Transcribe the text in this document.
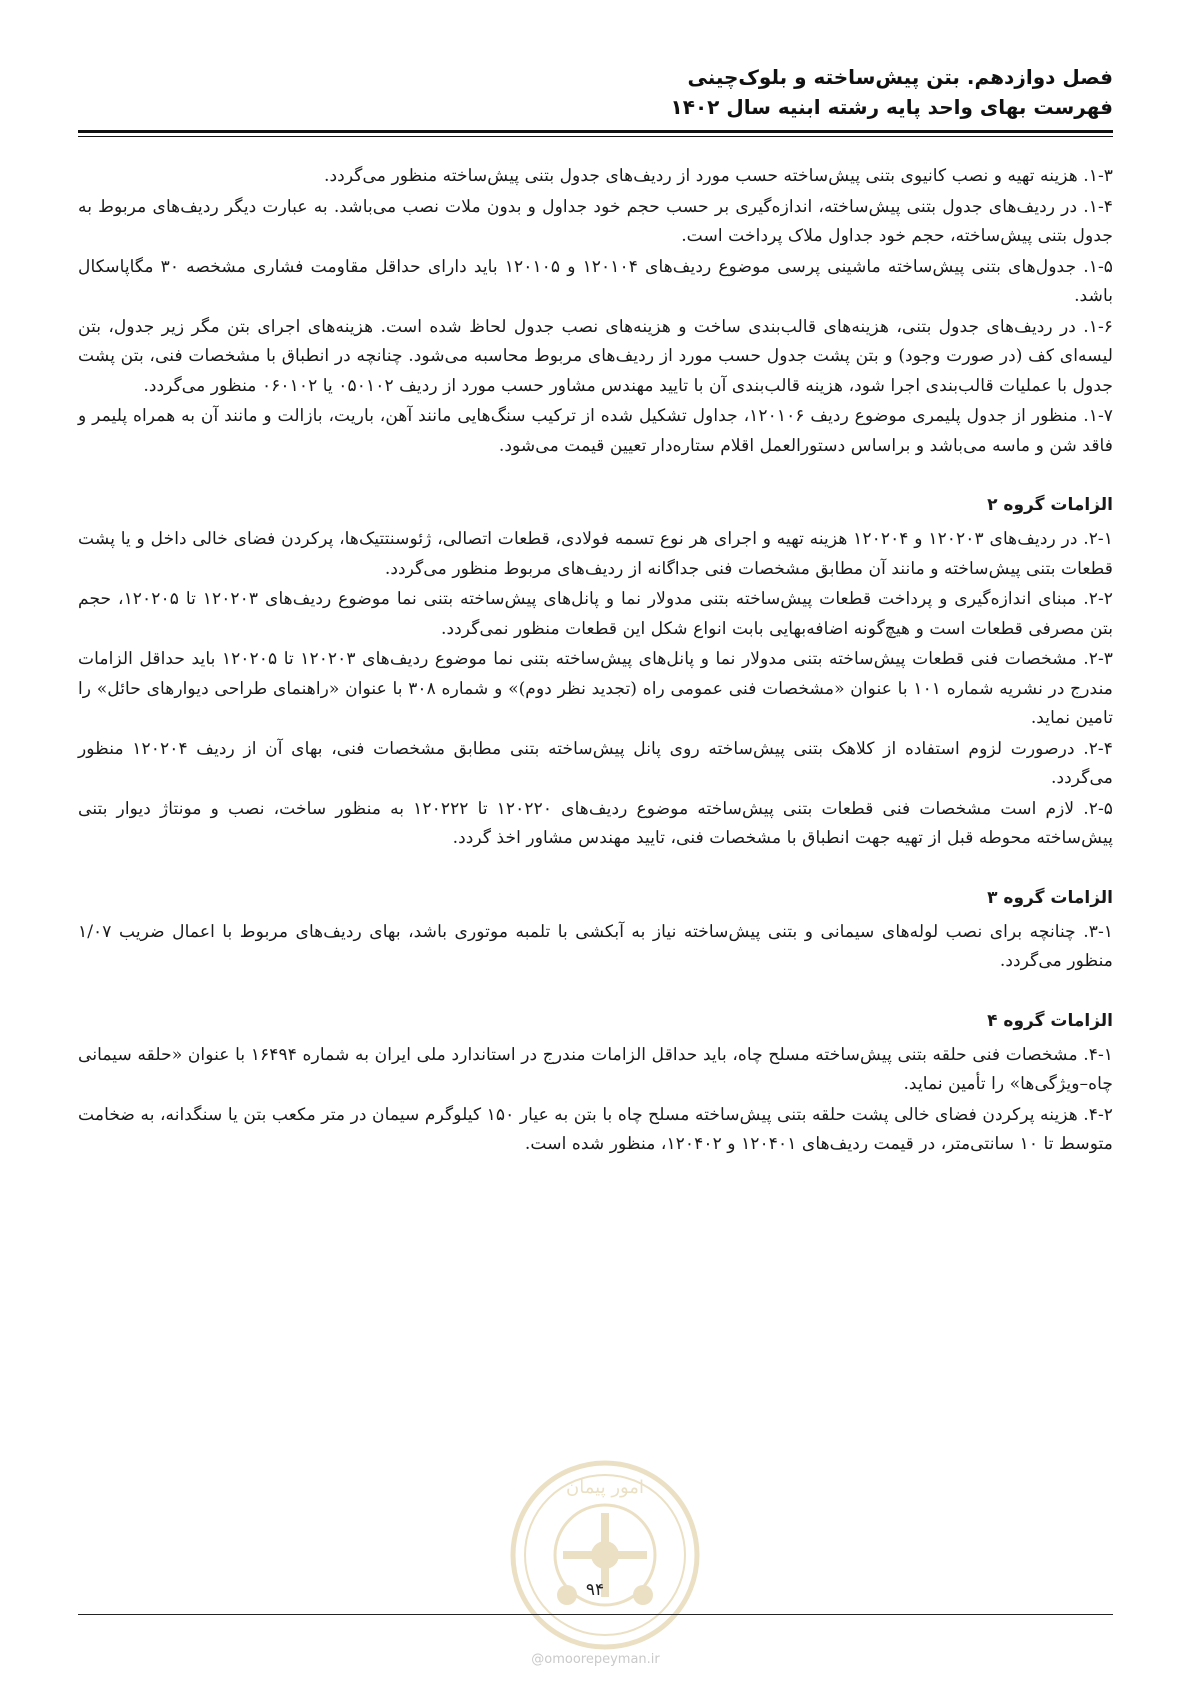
فصل دوازدهم. بتن پیش‌ساخته و بلوک‌چینی
فهرست بهای واحد پایه رشته ابنیه سال ۱۴۰۲

۱-۳. هزینه تهیه و نصب کانیوی بتنی پیش‌ساخته حسب مورد از ردیف‌های جدول بتنی پیش‌ساخته منظور می‌گردد.

۱-۴. در ردیف‌های جدول بتنی پیش‌ساخته، اندازه‌گیری بر حسب حجم خود جداول و بدون ملات نصب می‌باشد. به عبارت دیگر ردیف‌های مربوط به جدول بتنی پیش‌ساخته، حجم خود جداول ملاک پرداخت است.

۱-۵. جدول‌های بتنی پیش‌ساخته ماشینی پرسی موضوع ردیف‌های ۱۲۰۱۰۴ و ۱۲۰۱۰۵ باید دارای حداقل مقاومت فشاری مشخصه ۳۰ مگاپاسکال باشد.

۱-۶. در ردیف‌های جدول بتنی، هزینه‌های قالب‌بندی ساخت و هزینه‌های نصب جدول لحاظ شده است. هزینه‌های اجرای بتن مگر زیر جدول، بتن لیسه‌ای کف (در صورت وجود) و بتن پشت جدول حسب مورد از ردیف‌های مربوط محاسبه می‌شود. چنانچه در انطباق با مشخصات فنی، بتن پشت جدول با عملیات قالب‌بندی اجرا شود، هزینه قالب‌بندی آن با تایید مهندس مشاور حسب مورد از ردیف ۰۵۰۱۰۲ یا ۰۶۰۱۰۲ منظور می‌گردد.

۱-۷. منظور از جدول پلیمری موضوع ردیف ۱۲۰۱۰۶، جداول تشکیل شده از ترکیب سنگ‌هایی مانند آهن، باریت، بازالت و مانند آن به همراه پلیمر و فاقد شن و ماسه می‌باشد و براساس دستورالعمل اقلام ستاره‌دار تعیین قیمت می‌شود.

الزامات گروه ۲

۲-۱. در ردیف‌های ۱۲۰۲۰۳ و ۱۲۰۲۰۴ هزینه تهیه و اجرای هر نوع تسمه فولادی، قطعات اتصالی، ژئوسنتتیک‌ها، پرکردن فضای خالی داخل و یا پشت قطعات بتنی پیش‌ساخته و مانند آن مطابق مشخصات فنی جداگانه از ردیف‌های مربوط منظور می‌گردد.

۲-۲. مبنای اندازه‌گیری و پرداخت قطعات پیش‌ساخته بتنی مدولار نما و پانل‌های پیش‌ساخته بتنی نما موضوع ردیف‌های ۱۲۰۲۰۳ تا ۱۲۰۲۰۵، حجم بتن مصرفی قطعات است و هیچ‌گونه اضافه‌بهایی بابت انواع شکل این قطعات منظور نمی‌گردد.

۲-۳. مشخصات فنی قطعات پیش‌ساخته بتنی مدولار نما و پانل‌های پیش‌ساخته بتنی نما موضوع ردیف‌های ۱۲۰۲۰۳ تا ۱۲۰۲۰۵ باید حداقل الزامات مندرج در نشریه شماره ۱۰۱ با عنوان «مشخصات فنی عمومی راه (تجدید نظر دوم)» و شماره ۳۰۸ با عنوان «راهنمای طراحی دیوارهای حائل» را تامین نماید.

۲-۴. درصورت لزوم استفاده از کلاهک بتنی پیش‌ساخته روی پانل پیش‌ساخته بتنی مطابق مشخصات فنی، بهای آن از ردیف ۱۲۰۲۰۴ منظور می‌گردد.

۲-۵. لازم است مشخصات فنی قطعات بتنی پیش‌ساخته موضوع ردیف‌های ۱۲۰۲۲۰ تا ۱۲۰۲۲۲ به منظور ساخت، نصب و مونتاژ دیوار بتنی پیش‌ساخته محوطه قبل از تهیه جهت انطباق با مشخصات فنی، تایید مهندس مشاور اخذ گردد.

الزامات گروه ۳

۳-۱. چنانچه برای نصب لوله‌های سیمانی و بتنی پیش‌ساخته نیاز به آبکشی با تلمبه موتوری باشد، بهای ردیف‌های مربوط با اعمال ضریب ۱/۰۷ منظور می‌گردد.

الزامات گروه ۴

۴-۱. مشخصات فنی حلقه بتنی پیش‌ساخته مسلح چاه، باید حداقل الزامات مندرج در استاندارد ملی ایران به شماره ۱۶۴۹۴ با عنوان «حلقه سیمانی چاه–ویژگی‌ها» را تأمین نماید.

۴-۲. هزینه پرکردن فضای خالی پشت حلقه بتنی پیش‌ساخته مسلح چاه با بتن به عیار ۱۵۰ کیلوگرم سیمان در متر مکعب بتن یا سنگدانه، به ضخامت متوسط تا ۱۰ سانتی‌متر، در قیمت ردیف‌های ۱۲۰۴۰۱ و ۱۲۰۴۰۲، منظور شده است.

امور پیمان
۹۴
@omoorepeyman.ir
